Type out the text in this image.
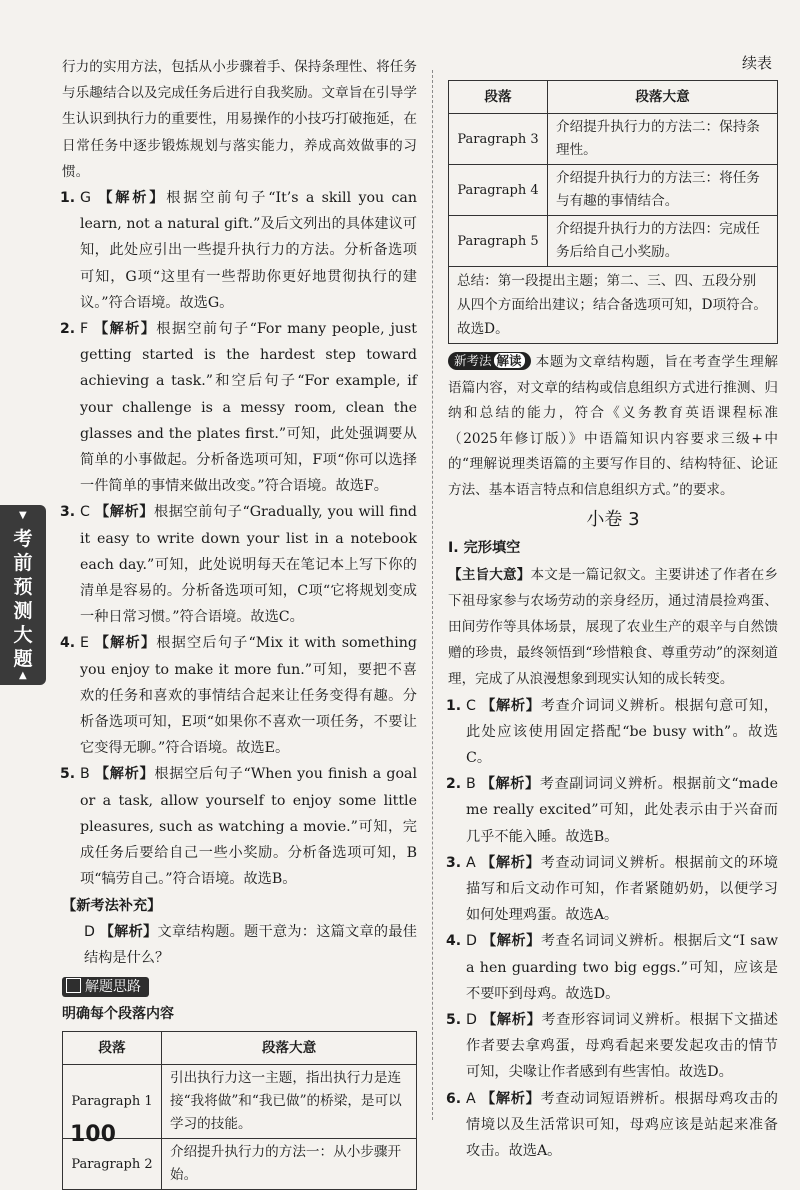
▼
考
前
预
测
大
题
▲

行力的实用方法，包括从小步骤着手、保持条理性、将任务与乐趣结合以及完成任务后进行自我奖励。文章旨在引导学生认识到执行力的重要性，用易操作的小技巧打破拖延，在日常任务中逐步锻炼规划与落实能力，养成高效做事的习惯。

1. G 【解析】根据空前句子“It’s a skill you can learn, not a natural gift.”及后文列出的具体建议可知，此处应引出一些提升执行力的方法。分析备选项可知，G项“这里有一些帮助你更好地贯彻执行的建议。”符合语境。故选G。

2. F 【解析】根据空前句子“For many people, just getting started is the hardest step toward achieving a task.”和空后句子“For example, if your challenge is a messy room, clean the glasses and the plates first.”可知，此处强调要从简单的小事做起。分析备选项可知，F项“你可以选择一件简单的事情来做出改变。”符合语境。故选F。

3. C 【解析】根据空前句子“Gradually, you will find it easy to write down your list in a notebook each day.”可知，此处说明每天在笔记本上写下你的清单是容易的。分析备选项可知，C项“它将规划变成一种日常习惯。”符合语境。故选C。

4. E 【解析】根据空后句子“Mix it with something you enjoy to make it more fun.”可知，要把不喜欢的任务和喜欢的事情结合起来让任务变得有趣。分析备选项可知，E项“如果你不喜欢一项任务，不要让它变得无聊。”符合语境。故选E。

5. B 【解析】根据空后句子“When you finish a goal or a task, allow yourself to enjoy some little pleasures, such as watching a movie.”可知，完成任务后要给自己一些小奖励。分析备选项可知，B项“犒劳自己。”符合语境。故选B。

【新考法补充】

D 【解析】文章结构题。题干意为：这篇文章的最佳结构是什么？

解题思路

明确每个段落内容

段落	段落大意
Paragraph 1	引出执行力这一主题，指出执行力是连接“我将做”和“我已做”的桥梁，是可以学习的技能。
Paragraph 2	介绍提升执行力的方法一：从小步骤开始。
续表
段落	段落大意
Paragraph 3	介绍提升执行力的方法二：保持条理性。
Paragraph 4	介绍提升执行力的方法三：将任务与有趣的事情结合。
Paragraph 5	介绍提升执行力的方法四：完成任务后给自己小奖励。
总结：第一段提出主题；第二、三、四、五段分别从四个方面给出建议；结合备选项可知，D项符合。故选D。	

新考法 解读 本题为文章结构题，旨在考查学生理解语篇内容，对文章的结构或信息组织方式进行推测、归纳和总结的能力，符合《义务教育英语课程标准（2025年修订版）》中语篇知识内容要求三级+中的“理解说理类语篇的主要写作目的、结构特征、论证方法、基本语言特点和信息组织方式。”的要求。

小卷 3

Ⅰ. 完形填空

【主旨大意】本文是一篇记叙文。主要讲述了作者在乡下祖母家参与农场劳动的亲身经历，通过清晨捡鸡蛋、田间劳作等具体场景，展现了农业生产的艰辛与自然馈赠的珍贵，最终领悟到“珍惜粮食、尊重劳动”的深刻道理，完成了从浪漫想象到现实认知的成长转变。

1. C 【解析】考查介词词义辨析。根据句意可知，此处应该使用固定搭配“be busy with”。故选C。

2. B 【解析】考查副词词义辨析。根据前文“made me really excited”可知，此处表示由于兴奋而几乎不能入睡。故选B。

3. A 【解析】考查动词词义辨析。根据前文的环境描写和后文动作可知，作者紧随奶奶，以便学习如何处理鸡蛋。故选A。

4. D 【解析】考查名词词义辨析。根据后文“I saw a hen guarding two big eggs.”可知，应该是不要吓到母鸡。故选D。

5. D 【解析】考查形容词词义辨析。根据下文描述作者要去拿鸡蛋，母鸡看起来要发起攻击的情节可知，尖喙让作者感到有些害怕。故选D。

6. A 【解析】考查动词短语辨析。根据母鸡攻击的情境以及生活常识可知，母鸡应该是站起来准备攻击。故选A。

100
